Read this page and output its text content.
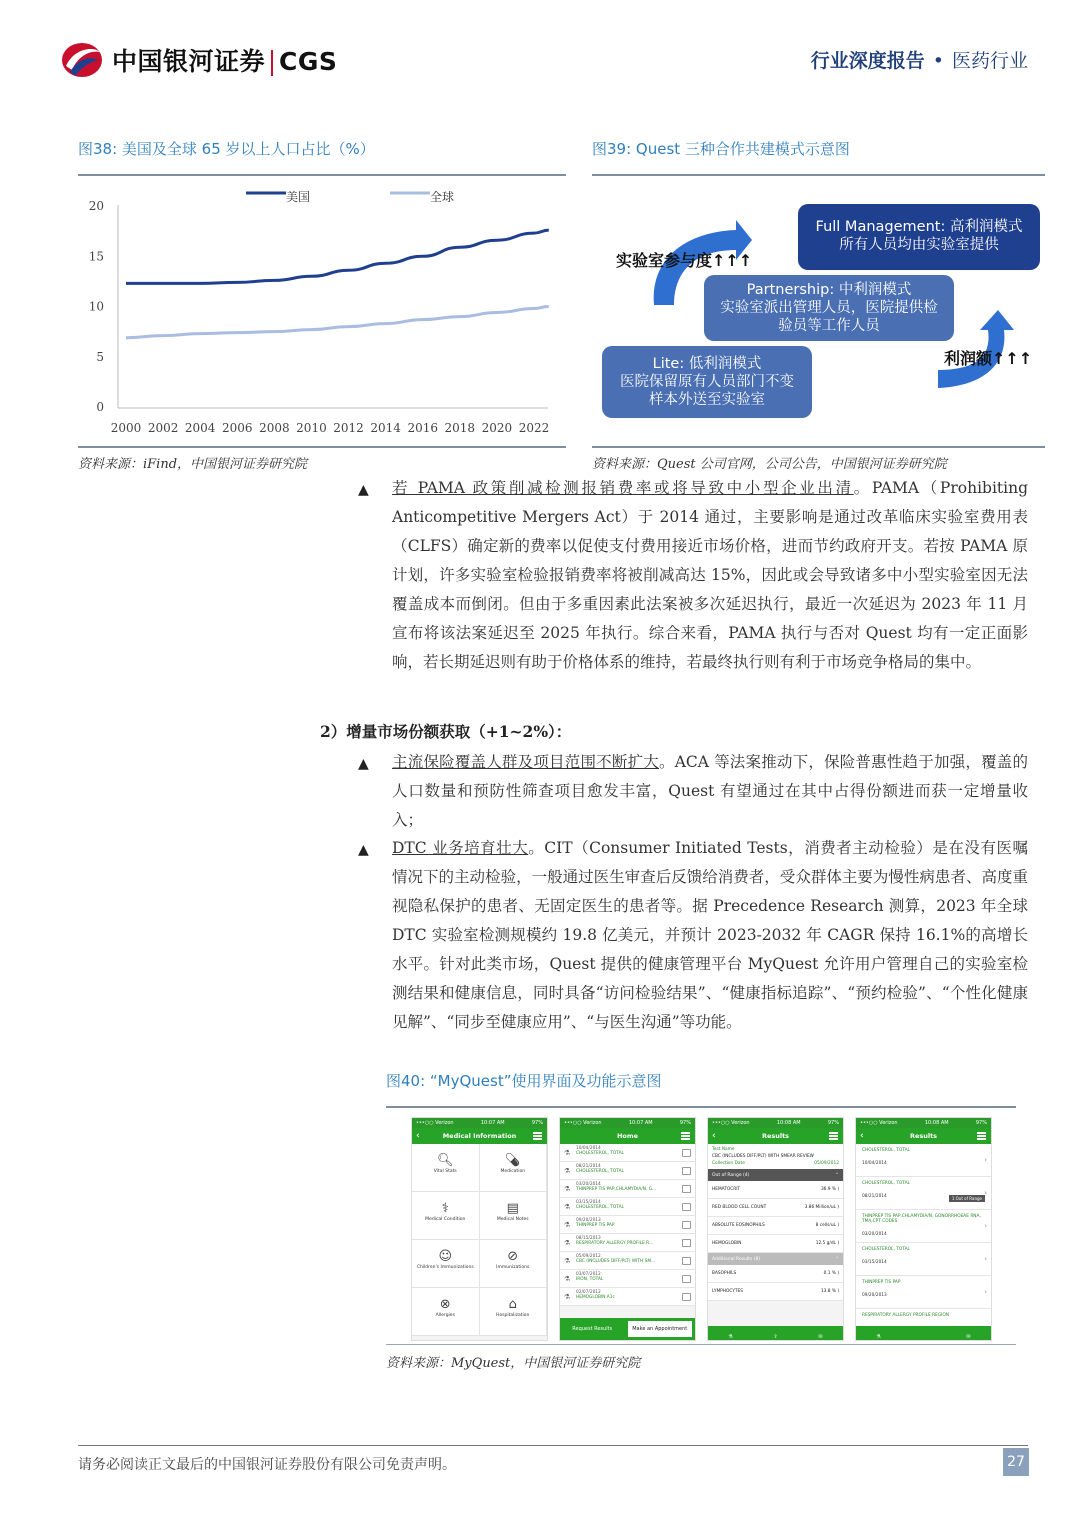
中国银河证券 CGS	行业深度报告 • 医药行业
图38: 美国及全球 65 岁以上人口占比（%）
美国	全球
0
5
10
15
20
2000 2002 2004 2006 2008 2010 2012 2014 2016 2018 2020 2022
资料来源：iFind，中国银河证券研究院
图39: Quest 三种合作共建模式示意图
Full Management: 高利润模式
所有人员均由实验室提供
Partnership: 中利润模式
实验室派出管理人员，医院提供检
验员等工作人员
Lite: 低利润模式
医院保留原有人员部门不变
样本外送至实验室
实验室参与度↑↑↑
利润额↑↑↑
资料来源：Quest 公司官网，公司公告，中国银河证券研究院
▲ 若 PAMA 政策削减检测报销费率或将导致中小型企业出清。PAMA（Prohibiting Anticompetitive Mergers Act）于 2014 通过，主要影响是通过改革临床实验室费用表（CLFS）确定新的费率以促使支付费用接近市场价格，进而节约政府开支。若按 PAMA 原计划，许多实验室检验报销费率将被削减高达 15%，因此或会导致诸多中小型实验室因无法覆盖成本而倒闭。但由于多重因素此法案被多次延迟执行，最近一次延迟为 2023 年 11 月宣布将该法案延迟至 2025 年执行。综合来看，PAMA 执行与否对 Quest 均有一定正面影响，若长期延迟则有助于价格体系的维持，若最终执行则有利于市场竞争格局的集中。
2）增量市场份额获取（+1~2%）：
▲ 主流保险覆盖人群及项目范围不断扩大。ACA 等法案推动下，保险普惠性趋于加强，覆盖的人口数量和预防性筛查项目愈发丰富，Quest 有望通过在其中占得份额进而获一定增量收入；
▲ DTC 业务培育壮大。CIT（Consumer Initiated Tests，消费者主动检验）是在没有医嘱情况下的主动检验，一般通过医生审查后反馈给消费者，受众群体主要为慢性病患者、高度重视隐私保护的患者、无固定医生的患者等。据 Precedence Research 测算，2023 年全球 DTC 实验室检测规模约 19.8 亿美元，并预计 2023-2032 年 CAGR 保持 16.1%的高增长水平。针对此类市场，Quest 提供的健康管理平台 MyQuest 允许用户管理自己的实验室检测结果和健康信息，同时具备“访问检验结果”、“健康指标追踪”、“预约检验”、“个性化健康见解”、“同步至健康应用”、“与医生沟通”等功能。
图40: “MyQuest”使用界面及功能示意图
•••○○ Verizon	10:07 AM	97%
‹	Medical Information
🔍︎
Vital Stats
💊︎
Medication
⚕︎
Medical Condition
▤
Medical Notes
☺︎
Children's Immunizations
⊘
Immunizations
⊗
Allergies
⌂
Hospitalization
•••○○ Verizon	10:07 AM	97%
Home
⚗︎
10/04/2014
CHOLESTEROL, TOTAL
⚗︎
08/21/2014
CHOLESTEROL, TOTAL
⚗︎
03/20/2014
THINPREP TIS PAP,CHLAMYDIA/N. G...
⚗︎
03/15/2014
CHOLESTEROL, TOTAL
⚗︎
09/20/2013
THINPREP TIS PAP
⚗︎
08/15/2013
RESPIRATORY ALLERGY PROFILE R...
⚗︎
05/09/2012
CBC (INCLUDES DIFF/PLT) WITH SM...
⚗︎
03/07/2012
IRON, TOTAL
⚗︎
02/07/2012
HEMOGLOBIN A1c
Request Results	Make an Appointment
•••○○ Verizon	10:08 AM	97%
‹	Results
Test Name
CBC (INCLUDES DIFF/PLT) WITH SMEAR REVIEW
Collection Date	05/09/2012
Out of Range (4)	⌃
HEMATOCRIT	36.9 % )
RED BLOOD CELL COUNT	3.86 Million/uL )
ABSOLUTE EOSINOPHILS	8 cells/uL )
HEMOGLOBIN	12.5 g/dL )
Additional Results (8)	⌃
BASOPHILS	0.1 % )
LYMPHOCYTES	13.8 % )
⚗︎	⇪	✉︎
•••○○ Verizon	10:08 AM	97%
‹	Results
CHOLESTEROL, TOTAL
10/04/2014	›
CHOLESTEROL, TOTAL
08/21/2014	1 Out of Range
›
THINPREP TIS PAP,CHLAMYDIA/N. GONORRHOEAE RNA, TMA,CPT CODES
03/20/2014
›
CHOLESTEROL, TOTAL
03/15/2014	›
THINPREP TIS PAP
09/20/2013	›
RESPIRATORY ALLERGY PROFILE REGION
⚗︎	✉︎
资料来源：MyQuest，中国银河证券研究院
请务必阅读正文最后的中国银河证券股份有限公司免责声明。	27
